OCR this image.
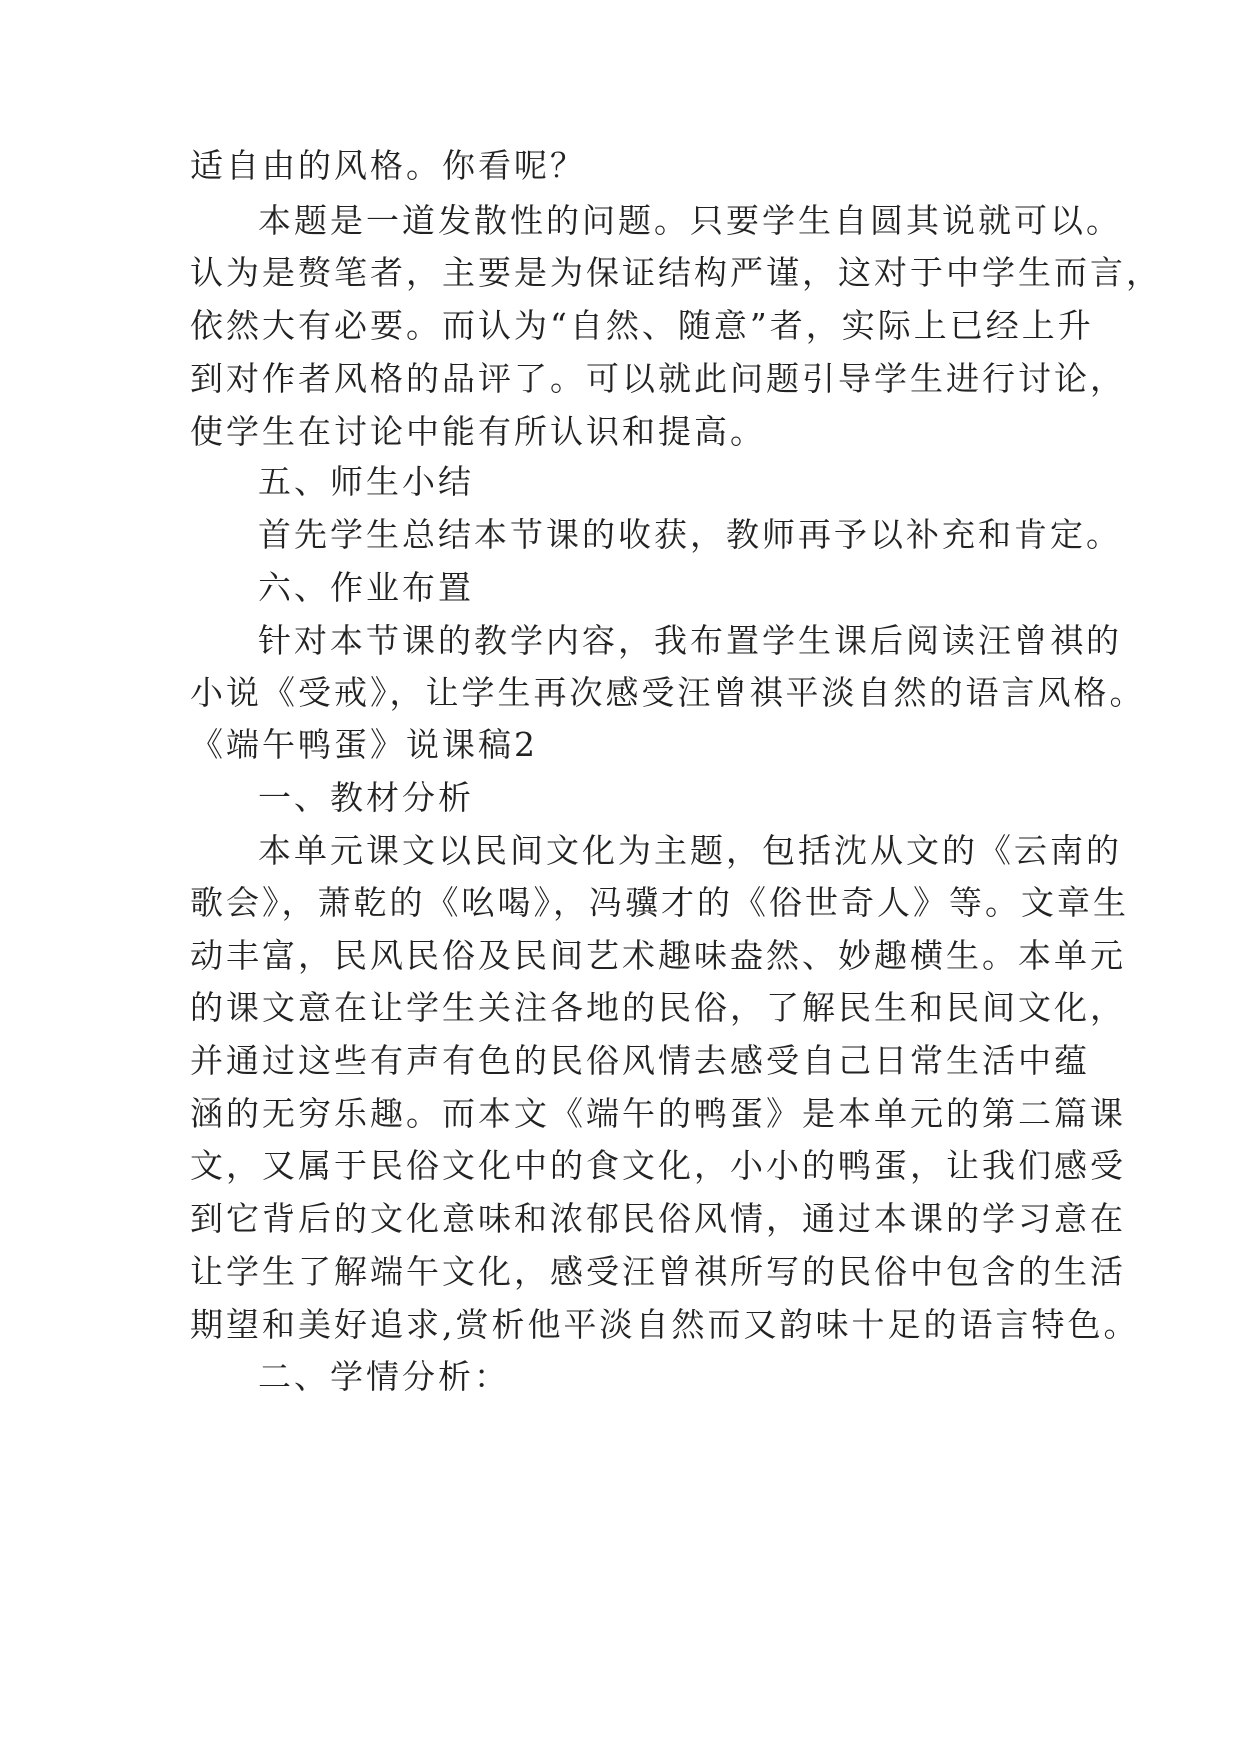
适自由的风格。你看呢？
本题是一道发散性的问题。只要学生自圆其说就可以。
认为是赘笔者，主要是为保证结构严谨，这对于中学生而言，
依然大有必要。而认为“自然、随意”者，实际上已经上升
到对作者风格的品评了。可以就此问题引导学生进行讨论，
使学生在讨论中能有所认识和提高。
五、师生小结
首先学生总结本节课的收获，教师再予以补充和肯定。
六、作业布置
针对本节课的教学内容，我布置学生课后阅读汪曾祺的
小说《受戒》，让学生再次感受汪曾祺平淡自然的语言风格。
《端午鸭蛋》说课稿2
一、教材分析
本单元课文以民间文化为主题，包括沈从文的《云南的
歌会》，萧乾的《吆喝》，冯骥才的《俗世奇人》等。文章生
动丰富，民风民俗及民间艺术趣味盎然、妙趣横生。本单元
的课文意在让学生关注各地的民俗，了解民生和民间文化，
并通过这些有声有色的民俗风情去感受自己日常生活中蕴
涵的无穷乐趣。而本文《端午的鸭蛋》是本单元的第二篇课
文，又属于民俗文化中的食文化，小小的鸭蛋，让我们感受
到它背后的文化意味和浓郁民俗风情，通过本课的学习意在
让学生了解端午文化，感受汪曾祺所写的民俗中包含的生活
期望和美好追求,赏析他平淡自然而又韵味十足的语言特色。
二、学情分析：
